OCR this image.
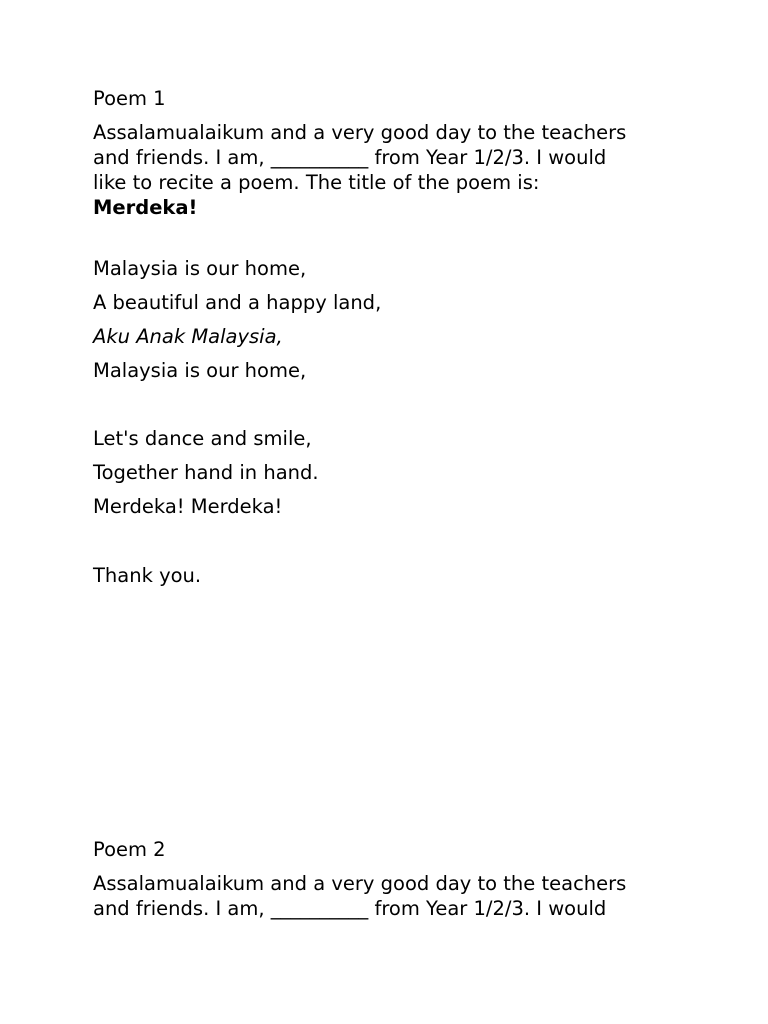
Poem 1

Assalamualaikum and a very good day to the teachers
and friends. I am, __________ from Year 1/2/3. I would
like to recite a poem. The title of the poem is:
Merdeka!

Malaysia is our home,

A beautiful and a happy land,

Aku Anak Malaysia,

Malaysia is our home,

Let's dance and smile,

Together hand in hand.

Merdeka! Merdeka!

Thank you.

Poem 2

Assalamualaikum and a very good day to the teachers
and friends. I am, __________ from Year 1/2/3. I would
